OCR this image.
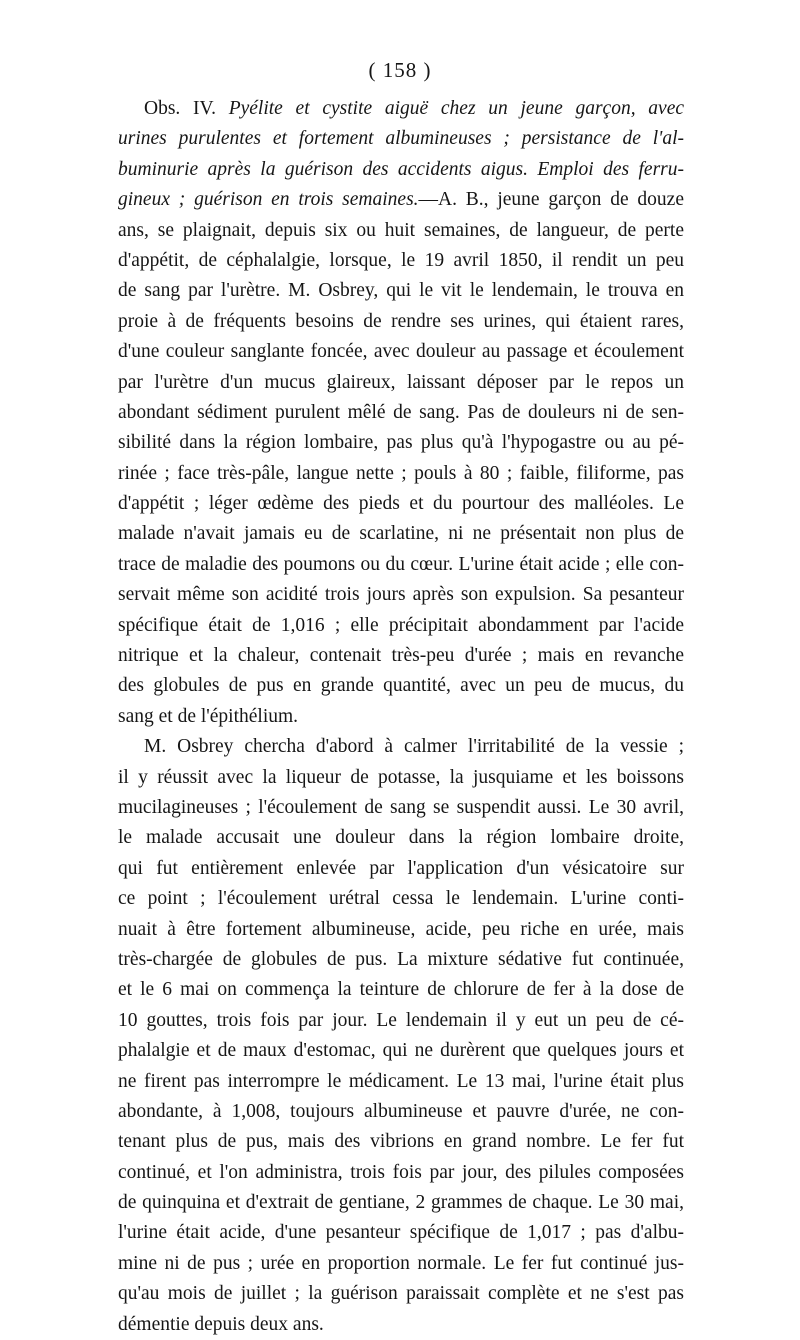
( 158 )
Obs. IV. Pyélite et cystite aiguë chez un jeune garçon, avec
urines purulentes et fortement albumineuses ; persistance de l'al-
buminurie après la guérison des accidents aigus. Emploi des ferru-
gineux ; guérison en trois semaines.—A. B., jeune garçon de douze
ans, se plaignait, depuis six ou huit semaines, de langueur, de perte
d'appétit, de céphalalgie, lorsque, le 19 avril 1850, il rendit un peu
de sang par l'urètre. M. Osbrey, qui le vit le lendemain, le trouva en
proie à de fréquents besoins de rendre ses urines, qui étaient rares,
d'une couleur sanglante foncée, avec douleur au passage et écoulement
par l'urètre d'un mucus glaireux, laissant déposer par le repos un
abondant sédiment purulent mêlé de sang. Pas de douleurs ni de sen-
sibilité dans la région lombaire, pas plus qu'à l'hypogastre ou au pé-
rinée ; face très-pâle, langue nette ; pouls à 80 ; faible, filiforme, pas
d'appétit ; léger œdème des pieds et du pourtour des malléoles. Le
malade n'avait jamais eu de scarlatine, ni ne présentait non plus de
trace de maladie des poumons ou du cœur. L'urine était acide ; elle con-
servait même son acidité trois jours après son expulsion. Sa pesanteur
spécifique était de 1,016 ; elle précipitait abondamment par l'acide
nitrique et la chaleur, contenait très-peu d'urée ; mais en revanche
des globules de pus en grande quantité, avec un peu de mucus, du
sang et de l'épithélium.
M. Osbrey chercha d'abord à calmer l'irritabilité de la vessie ;
il y réussit avec la liqueur de potasse, la jusquiame et les boissons
mucilagineuses ; l'écoulement de sang se suspendit aussi. Le 30 avril,
le malade accusait une douleur dans la région lombaire droite,
qui fut entièrement enlevée par l'application d'un vésicatoire sur
ce point ; l'écoulement urétral cessa le lendemain. L'urine conti-
nuait à être fortement albumineuse, acide, peu riche en urée, mais
très-chargée de globules de pus. La mixture sédative fut continuée,
et le 6 mai on commença la teinture de chlorure de fer à la dose de
10 gouttes, trois fois par jour. Le lendemain il y eut un peu de cé-
phalalgie et de maux d'estomac, qui ne durèrent que quelques jours et
ne firent pas interrompre le médicament. Le 13 mai, l'urine était plus
abondante, à 1,008, toujours albumineuse et pauvre d'urée, ne con-
tenant plus de pus, mais des vibrions en grand nombre. Le fer fut
continué, et l'on administra, trois fois par jour, des pilules composées
de quinquina et d'extrait de gentiane, 2 grammes de chaque. Le 30 mai,
l'urine était acide, d'une pesanteur spécifique de 1,017 ; pas d'albu-
mine ni de pus ; urée en proportion normale. Le fer fut continué jus-
qu'au mois de juillet ; la guérison paraissait complète et ne s'est pas
démentie depuis deux ans.
